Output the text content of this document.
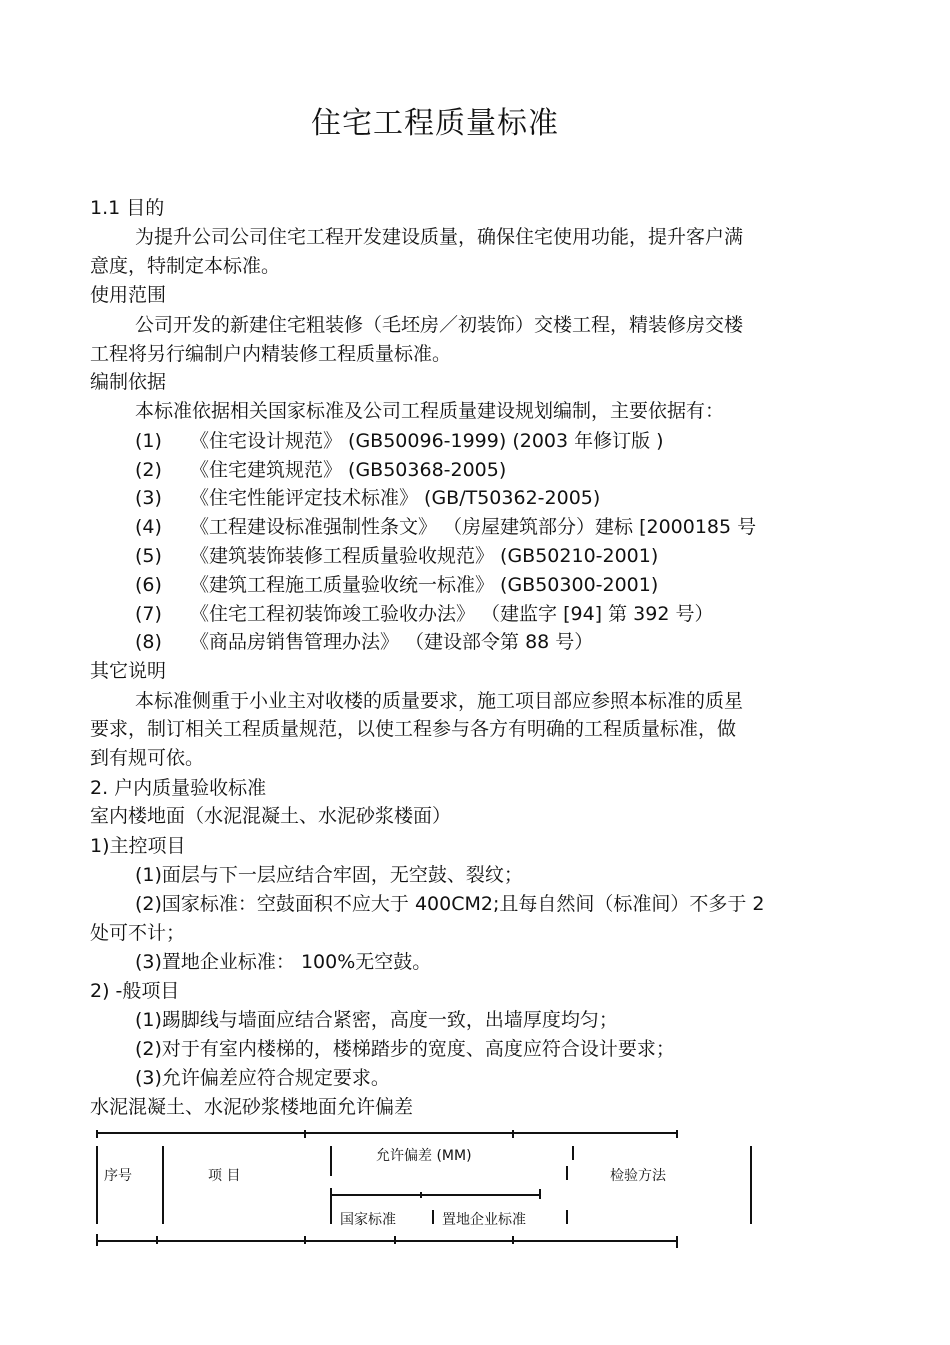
住宅工程质量标准
1.1 目的
为提升公司公司住宅工程开发建设质量，确保住宅使用功能，提升客户满
意度，特制定本标准。
使用范围
公司开发的新建住宅粗装修（毛坯房／初装饰）交楼工程，精装修房交楼
工程将另行编制户内精装修工程质量标准。
编制依据
本标准依据相关国家标准及公司工程质量建设规划编制，主要依据有：
(1) 《住宅设计规范》 (GB50096-1999) (2003 年修订版 )
(2) 《住宅建筑规范》 (GB50368-2005)
(3) 《住宅性能评定技术标准》 (GB/T50362-2005)
(4) 《工程建设标准强制性条文》 （房屋建筑部分）建标 [2000185 号
(5) 《建筑装饰装修工程质量验收规范》 (GB50210-2001)
(6) 《建筑工程施工质量验收统一标准》 (GB50300-2001)
(7) 《住宅工程初装饰竣工验收办法》 （建监字 [94] 第 392 号）
(8) 《商品房销售管理办法》 （建设部令第 88 号）
其它说明
本标准侧重于小业主对收楼的质量要求，施工项目部应参照本标准的质星
要求，制订相关工程质量规范，以使工程参与各方有明确的工程质量标准，做
到有规可依。
2. 户内质量验收标准
室内楼地面（水泥混凝土、水泥砂浆楼面）
1)主控项目
(1)面层与下一层应结合牢固，无空鼓、裂纹；
(2)国家标准：空鼓面积不应大于 400CM2;且每自然间（标准间）不多于 2
处可不计；
(3)置地企业标准： 100%无空鼓。
2) -般项目
(1)踢脚线与墙面应结合紧密，高度一致，出墙厚度均匀；
(2)对于有室内楼梯的，楼梯踏步的宽度、高度应符合设计要求；
(3)允许偏差应符合规定要求。
水泥混凝土、水泥砂浆楼地面允许偏差
序号	项 目
允许偏差 (MM)
国家标准	置地企业标准
检验方法
